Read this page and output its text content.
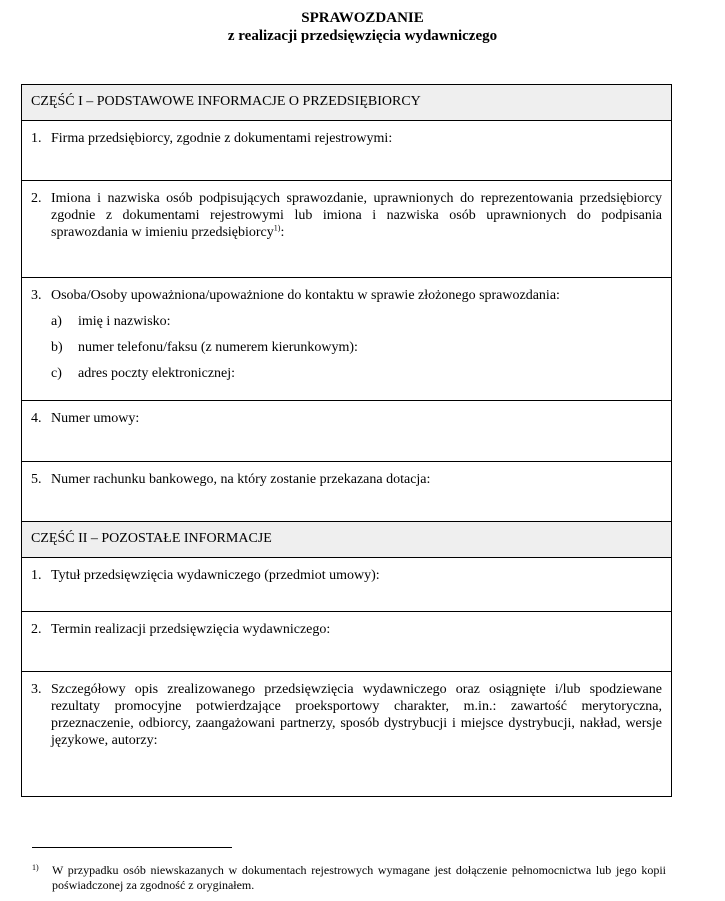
SPRAWOZDANIE
z realizacji przedsięwzięcia wydawniczego
CZĘŚĆ I – PODSTAWOWE INFORMACJE O PRZEDSIĘBIORCY
1. Firma przedsiębiorcy, zgodnie z dokumentami rejestrowymi:
2. Imiona i nazwiska osób podpisujących sprawozdanie, uprawnionych do reprezentowania przedsiębiorcy zgodnie z dokumentami rejestrowymi lub imiona i nazwiska osób uprawnionych do podpisania sprawozdania w imieniu przedsiębiorcy$^{1)}$:
3. Osoba/Osoby upoważniona/upoważnione do kontaktu w sprawie złożonego sprawozdania:
a) imię i nazwisko:
b) numer telefonu/faksu (z numerem kierunkowym):
c) adres poczty elektronicznej:
4. Numer umowy:
5. Numer rachunku bankowego, na który zostanie przekazana dotacja:
CZĘŚĆ II – POZOSTAŁE INFORMACJE
1. Tytuł przedsięwzięcia wydawniczego (przedmiot umowy):
2. Termin realizacji przedsięwzięcia wydawniczego:
3. Szczegółowy opis zrealizowanego przedsięwzięcia wydawniczego oraz osiągnięte i/lub spodziewane rezultaty promocyjne potwierdzające proeksportowy charakter, m.in.: zawartość merytoryczna, przeznaczenie, odbiorcy, zaangażowani partnerzy, sposób dystrybucji i miejsce dystrybucji, nakład, wersje językowe, autorzy:
1) W przypadku osób niewskazanych w dokumentach rejestrowych wymagane jest dołączenie pełnomocnictwa lub jego kopii poświadczonej za zgodność z oryginałem.
